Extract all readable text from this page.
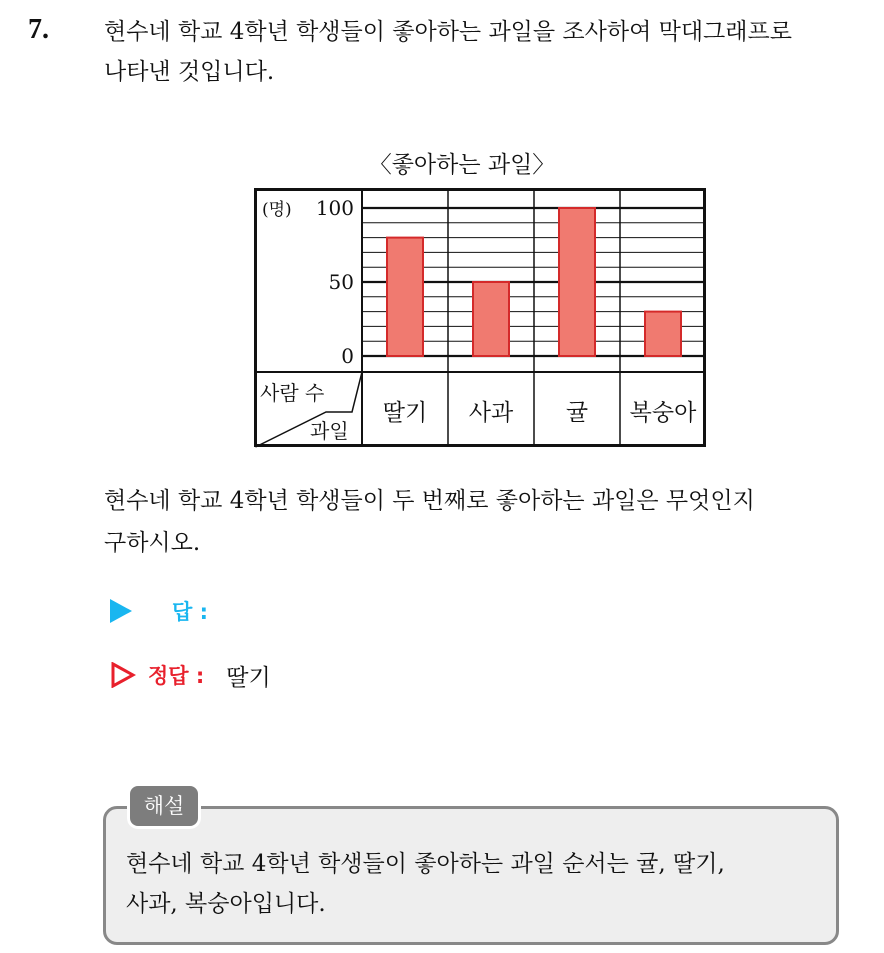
7. 현수네 학교 4학년 학생들이 좋아하는 과일을 조사하여 막대그래프로
나타낸 것입니다.
〈좋아하는 과일〉
0
50
100
(명)
딸기 사과 귤 복숭아
사람 수
과일
현수네 학교 4학년 학생들이 두 번째로 좋아하는 과일은 무엇인지
구하시오.
답 :
정답 : 딸기
해설
현수네 학교 4학년 학생들이 좋아하는 과일 순서는 귤, 딸기,
사과, 복숭아입니다.
